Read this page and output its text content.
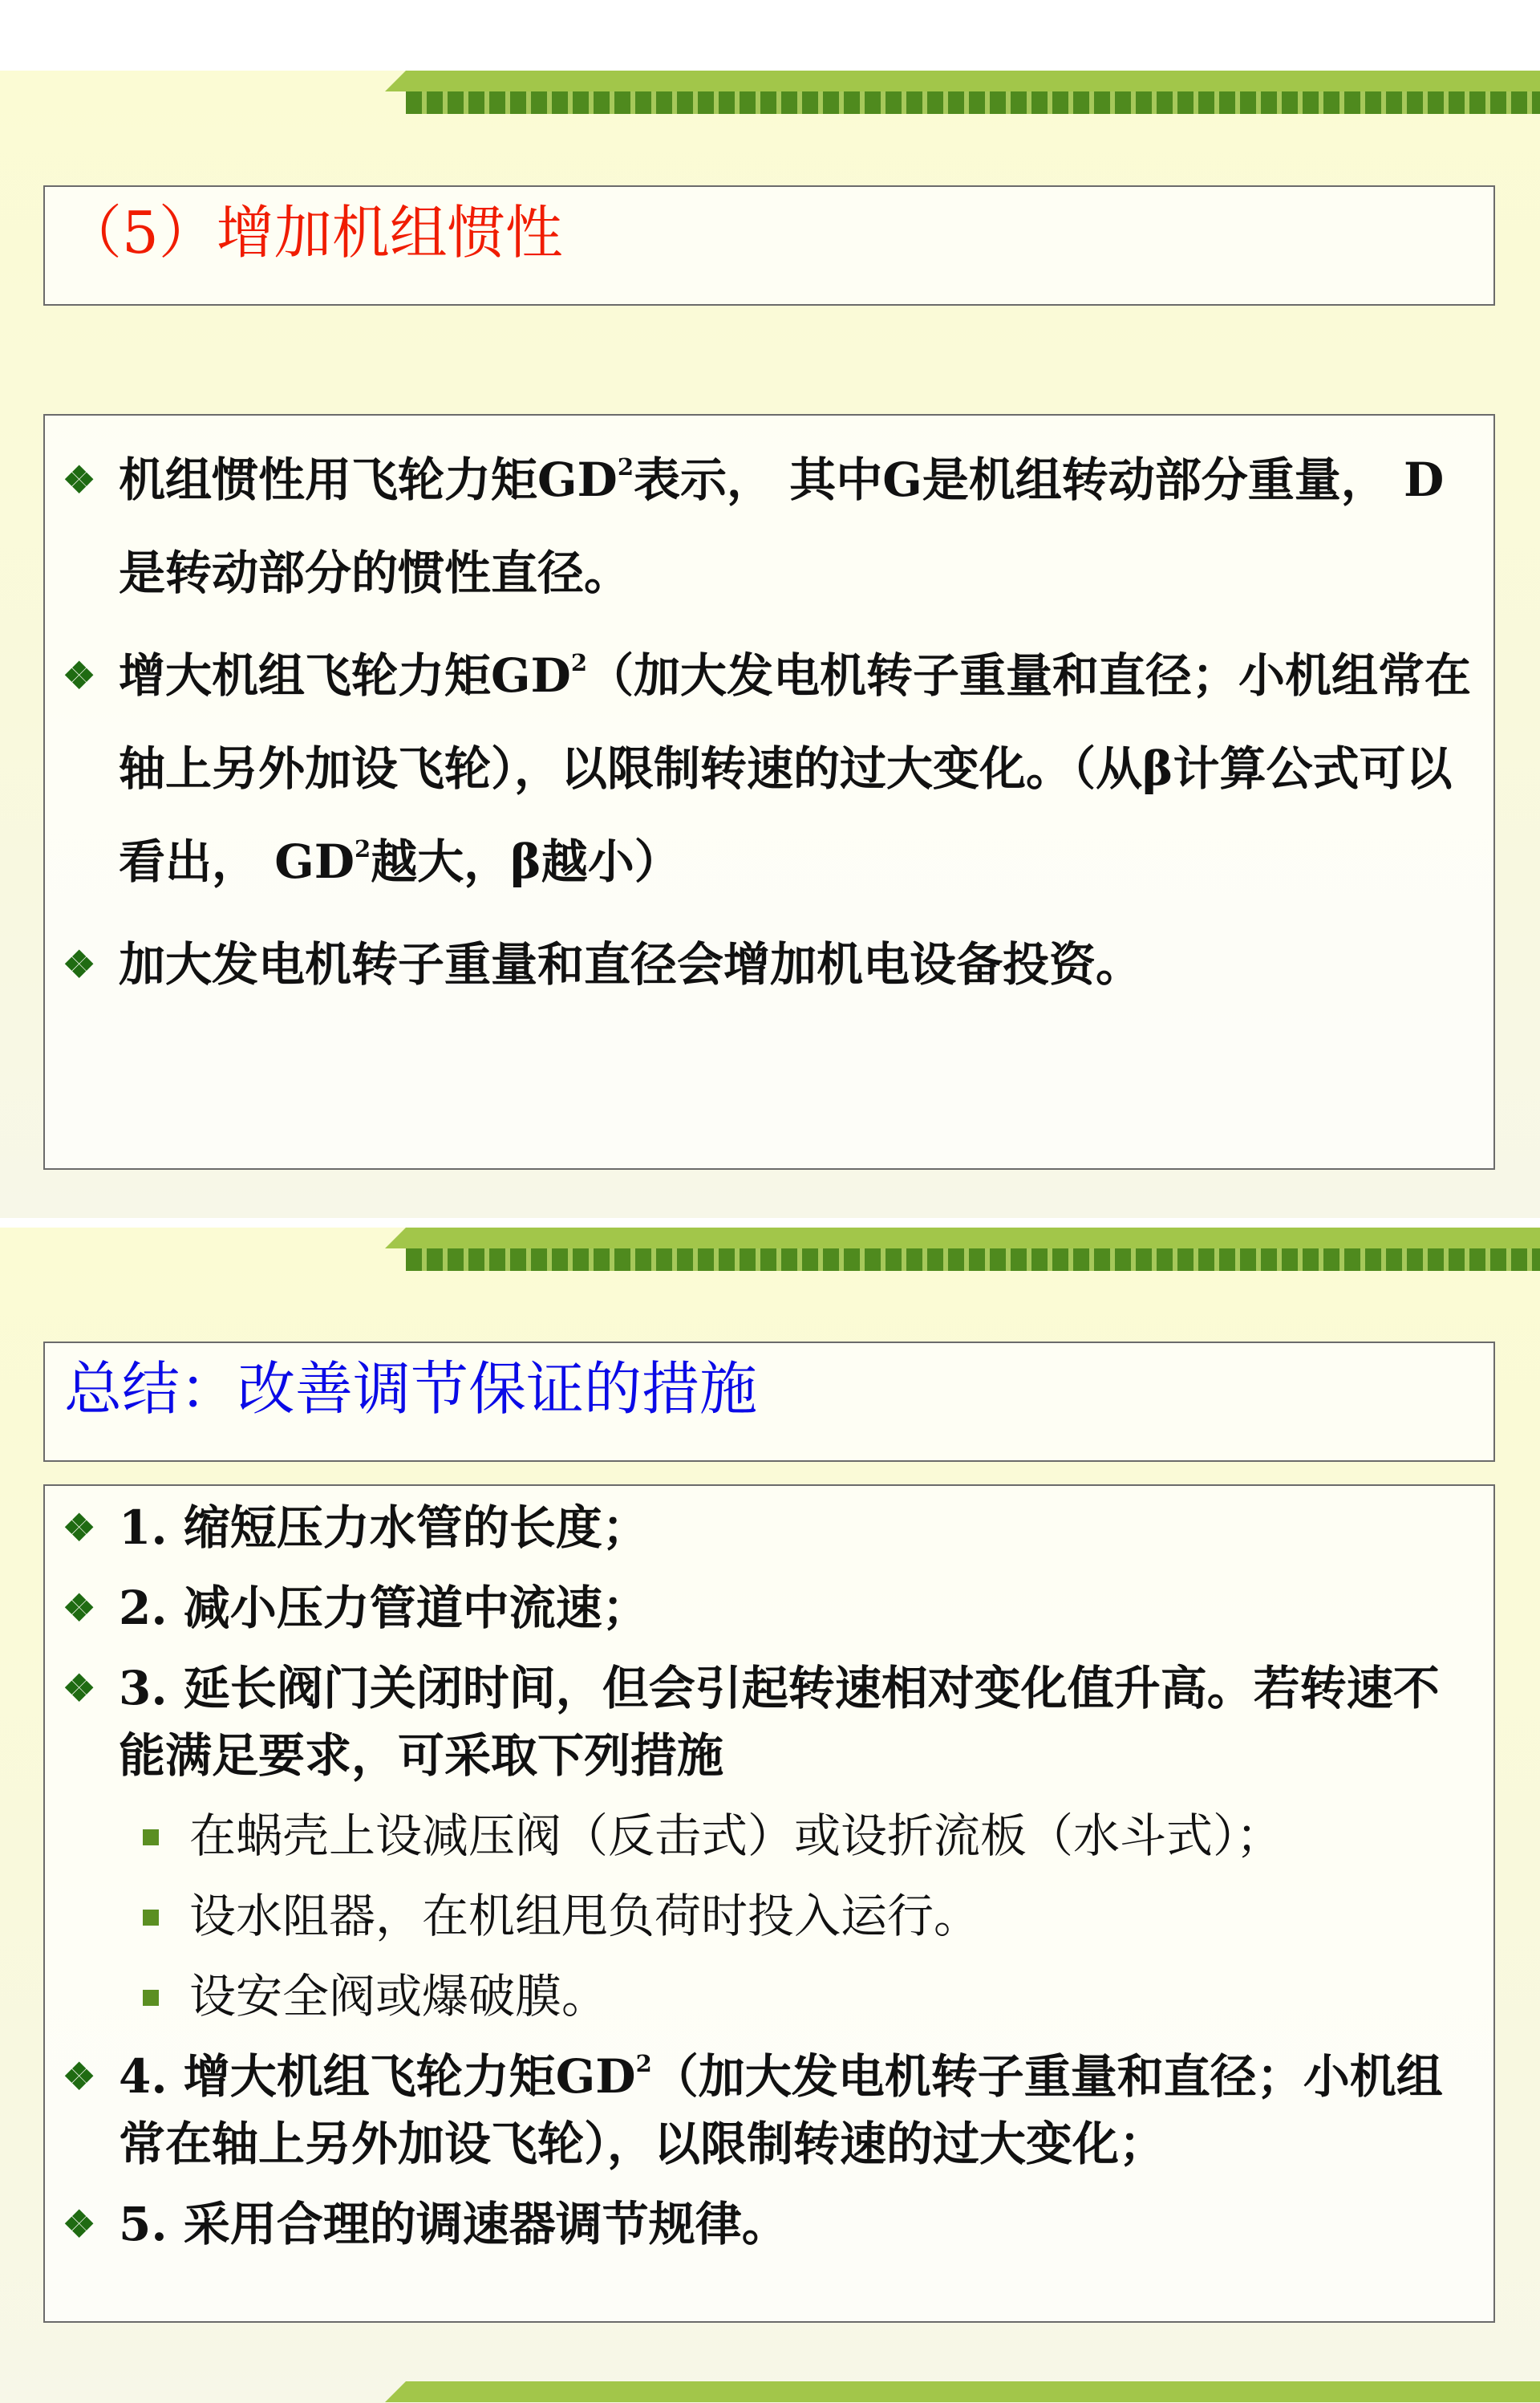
（5）增加机组惯性
❖ 机组惯性用飞轮力矩$GD^2$表示， 其中G是机组转动部分重量， D是转动部分的惯性直径。
❖ 增大机组飞轮力矩$GD^2$（加大发电机转子重量和直径；小机组常在轴上另外加设飞轮），以限制转速的过大变化。（从β计算公式可以看出， $GD^2$越大，β越小）
❖ 加大发电机转子重量和直径会增加机电设备投资。
总结：改善调节保证的措施
❖ 1. 缩短压力水管的长度；
❖ 2. 减小压力管道中流速；
❖ 3. 延长阀门关闭时间，但会引起转速相对变化值升高。若转速不能满足要求，可采取下列措施
在蜗壳上设减压阀（反击式）或设折流板（水斗式）；
设水阻器，在机组甩负荷时投入运行。
设安全阀或爆破膜。
❖ 4. 增大机组飞轮力矩$GD^2$（加大发电机转子重量和直径；小机组常在轴上另外加设飞轮），以限制转速的过大变化；
❖ 5. 采用合理的调速器调节规律。
